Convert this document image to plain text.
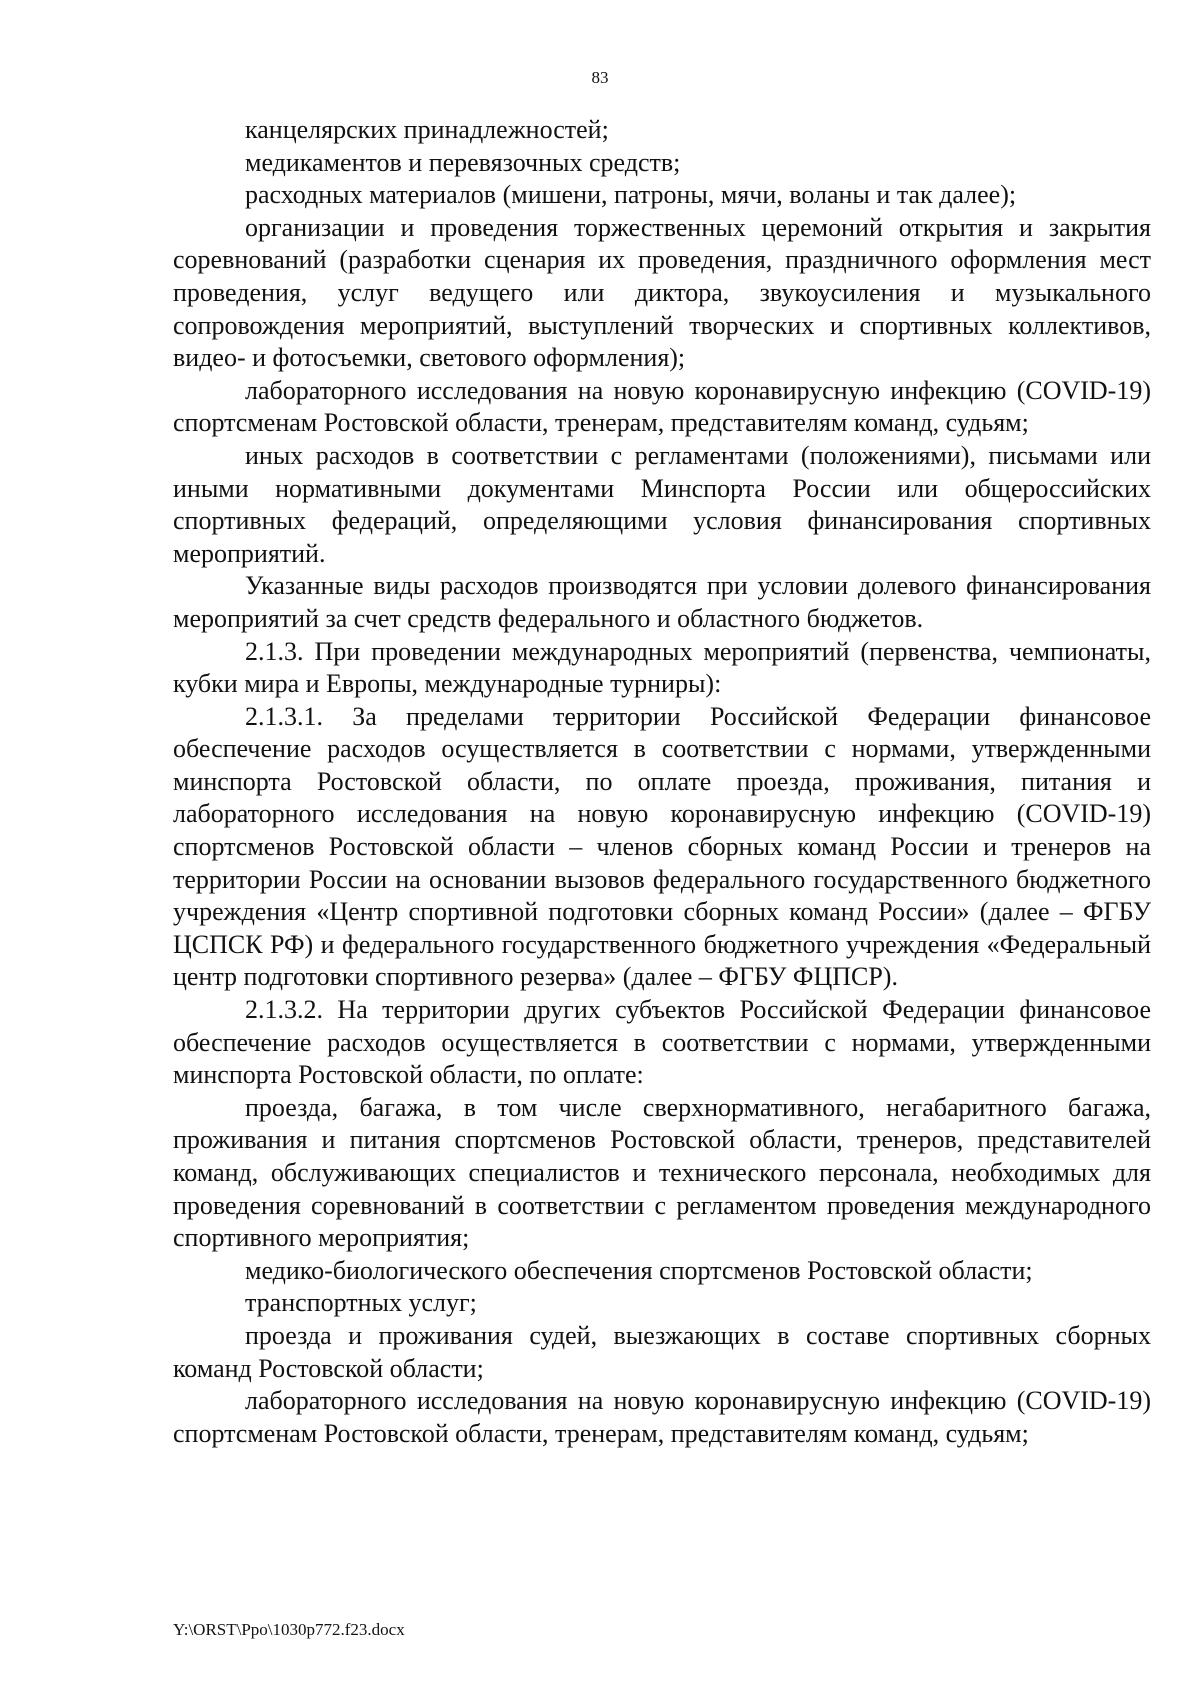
83

канцелярских принадлежностей;

медикаментов и перевязочных средств;

расходных материалов (мишени, патроны, мячи, воланы и так далее);

организации и проведения торжественных церемоний открытия и закрытия соревнований (разработки сценария их проведения, праздничного оформления мест проведения, услуг ведущего или диктора, звукоусиления и музыкального сопровождения мероприятий, выступлений творческих и спортивных коллективов, видео- и фотосъемки, светового оформления);

лабораторного исследования на новую коронавирусную инфекцию (COVID-19) спортсменам Ростовской области, тренерам, представителям команд, судьям;

иных расходов в соответствии с регламентами (положениями), письмами или иными нормативными документами Минспорта России или общероссийских спортивных федераций, определяющими условия финансирования спортивных мероприятий.

Указанные виды расходов производятся при условии долевого финансирования мероприятий за счет средств федерального и областного бюджетов.

2.1.3. При проведении международных мероприятий (первенства, чемпионаты, кубки мира и Европы, международные турниры):

2.1.3.1. За пределами территории Российской Федерации финансовое обеспечение расходов осуществляется в соответствии с нормами, утвержденными минспорта Ростовской области, по оплате проезда, проживания, питания и лабораторного исследования на новую коронавирусную инфекцию (COVID-19) спортсменов Ростовской области – членов сборных команд России и тренеров на территории России на основании вызовов федерального государственного бюджетного учреждения «Центр спортивной подготовки сборных команд России» (далее – ФГБУ ЦСПСК РФ) и федерального государственного бюджетного учреждения «Федеральный центр подготовки спортивного резерва» (далее – ФГБУ ФЦПСР).

2.1.3.2. На территории других субъектов Российской Федерации финансовое обеспечение расходов осуществляется в соответствии с нормами, утвержденными минспорта Ростовской области, по оплате:

проезда, багажа, в том числе сверхнормативного, негабаритного багажа, проживания и питания спортсменов Ростовской области, тренеров, представителей команд, обслуживающих специалистов и технического персонала, необходимых для проведения соревнований в соответствии с регламентом проведения международного спортивного мероприятия;

медико-биологического обеспечения спортсменов Ростовской области;

транспортных услуг;

проезда и проживания судей, выезжающих в составе спортивных сборных команд Ростовской области;

лабораторного исследования на новую коронавирусную инфекцию (COVID-19) спортсменам Ростовской области, тренерам, представителям команд, судьям;

Y:\ORST\Ppo\1030p772.f23.docx
